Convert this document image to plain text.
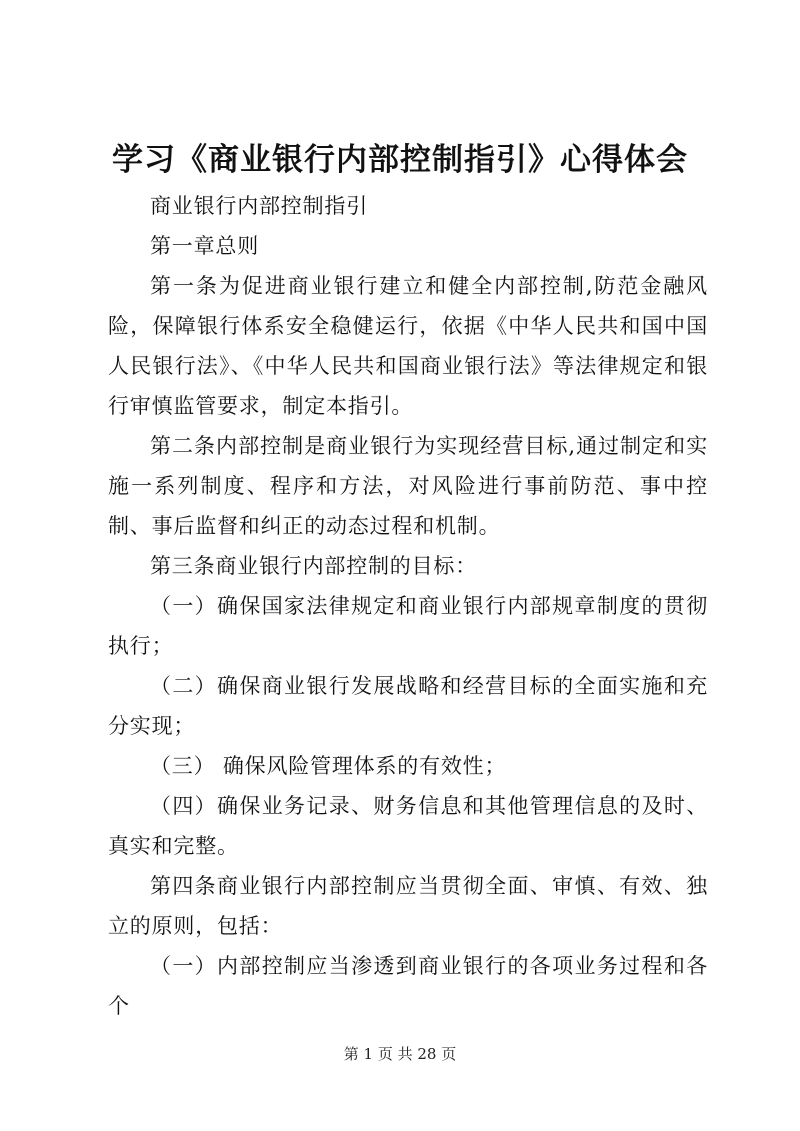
学习《商业银行内部控制指引》心得体会

商业银行内部控制指引

第一章总则

第一条为促进商业银行建立和健全内部控制,防范金融风险，保障银行体系安全稳健运行，依据《中华人民共和国中国人民银行法》、《中华人民共和国商业银行法》等法律规定和银行审慎监管要求，制定本指引。

第二条内部控制是商业银行为实现经营目标,通过制定和实施一系列制度、程序和方法，对风险进行事前防范、事中控制、事后监督和纠正的动态过程和机制。

第三条商业银行内部控制的目标：

（一）确保国家法律规定和商业银行内部规章制度的贯彻执行；

（二）确保商业银行发展战略和经营目标的全面实施和充分实现；

（三） 确保风险管理体系的有效性；

（四）确保业务记录、财务信息和其他管理信息的及时、真实和完整。

第四条商业银行内部控制应当贯彻全面、审慎、有效、独立的原则，包括：

（一）内部控制应当渗透到商业银行的各项业务过程和各个

第 1 页 共 28 页
